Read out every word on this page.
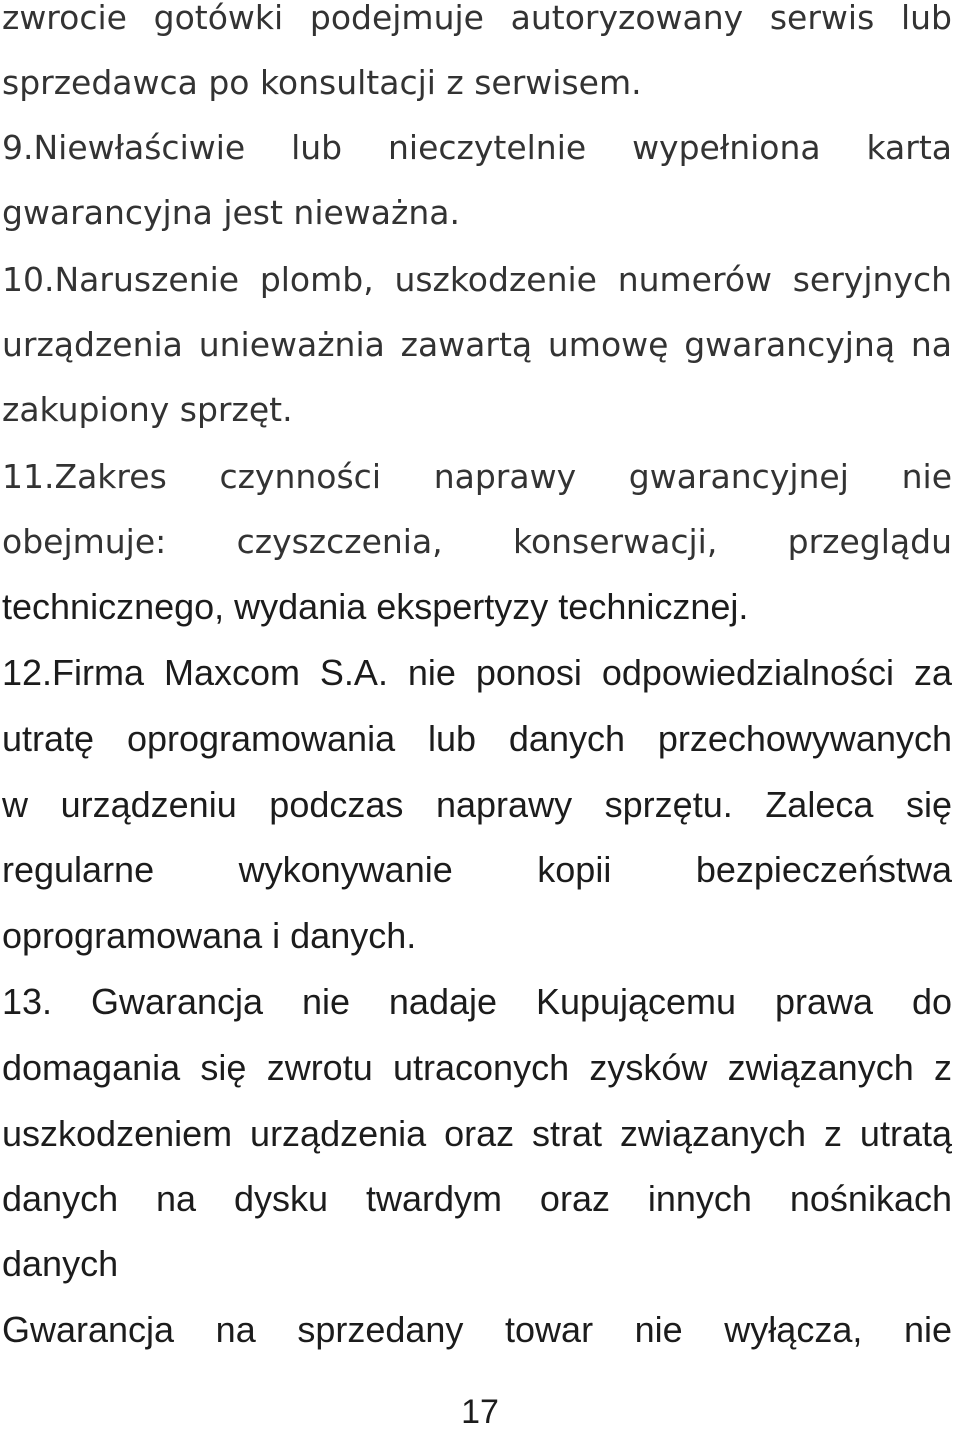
zwrocie gotówki podejmuje autoryzowany serwis lub
sprzedawca po konsultacji z serwisem.
9.Niewłaściwie lub nieczytelnie wypełniona karta
gwarancyjna jest nieważna.
10.Naruszenie plomb, uszkodzenie numerów seryjnych
urządzenia unieważnia zawartą umowę gwarancyjną na
zakupiony sprzęt.
11.Zakres czynności naprawy gwarancyjnej nie
obejmuje: czyszczenia, konserwacji, przeglądu
technicznego, wydania ekspertyzy technicznej.
12.Firma Maxcom S.A. nie ponosi odpowiedzialności za
utratę oprogramowania lub danych przechowywanych
w urządzeniu podczas naprawy sprzętu. Zaleca się
regularne wykonywanie kopii bezpieczeństwa
oprogramowana i danych.
13. Gwarancja nie nadaje Kupującemu prawa do
domagania się zwrotu utraconych zysków związanych z
uszkodzeniem urządzenia oraz strat związanych z utratą
danych na dysku twardym oraz innych nośnikach
danych
Gwarancja na sprzedany towar nie wyłącza, nie
17
